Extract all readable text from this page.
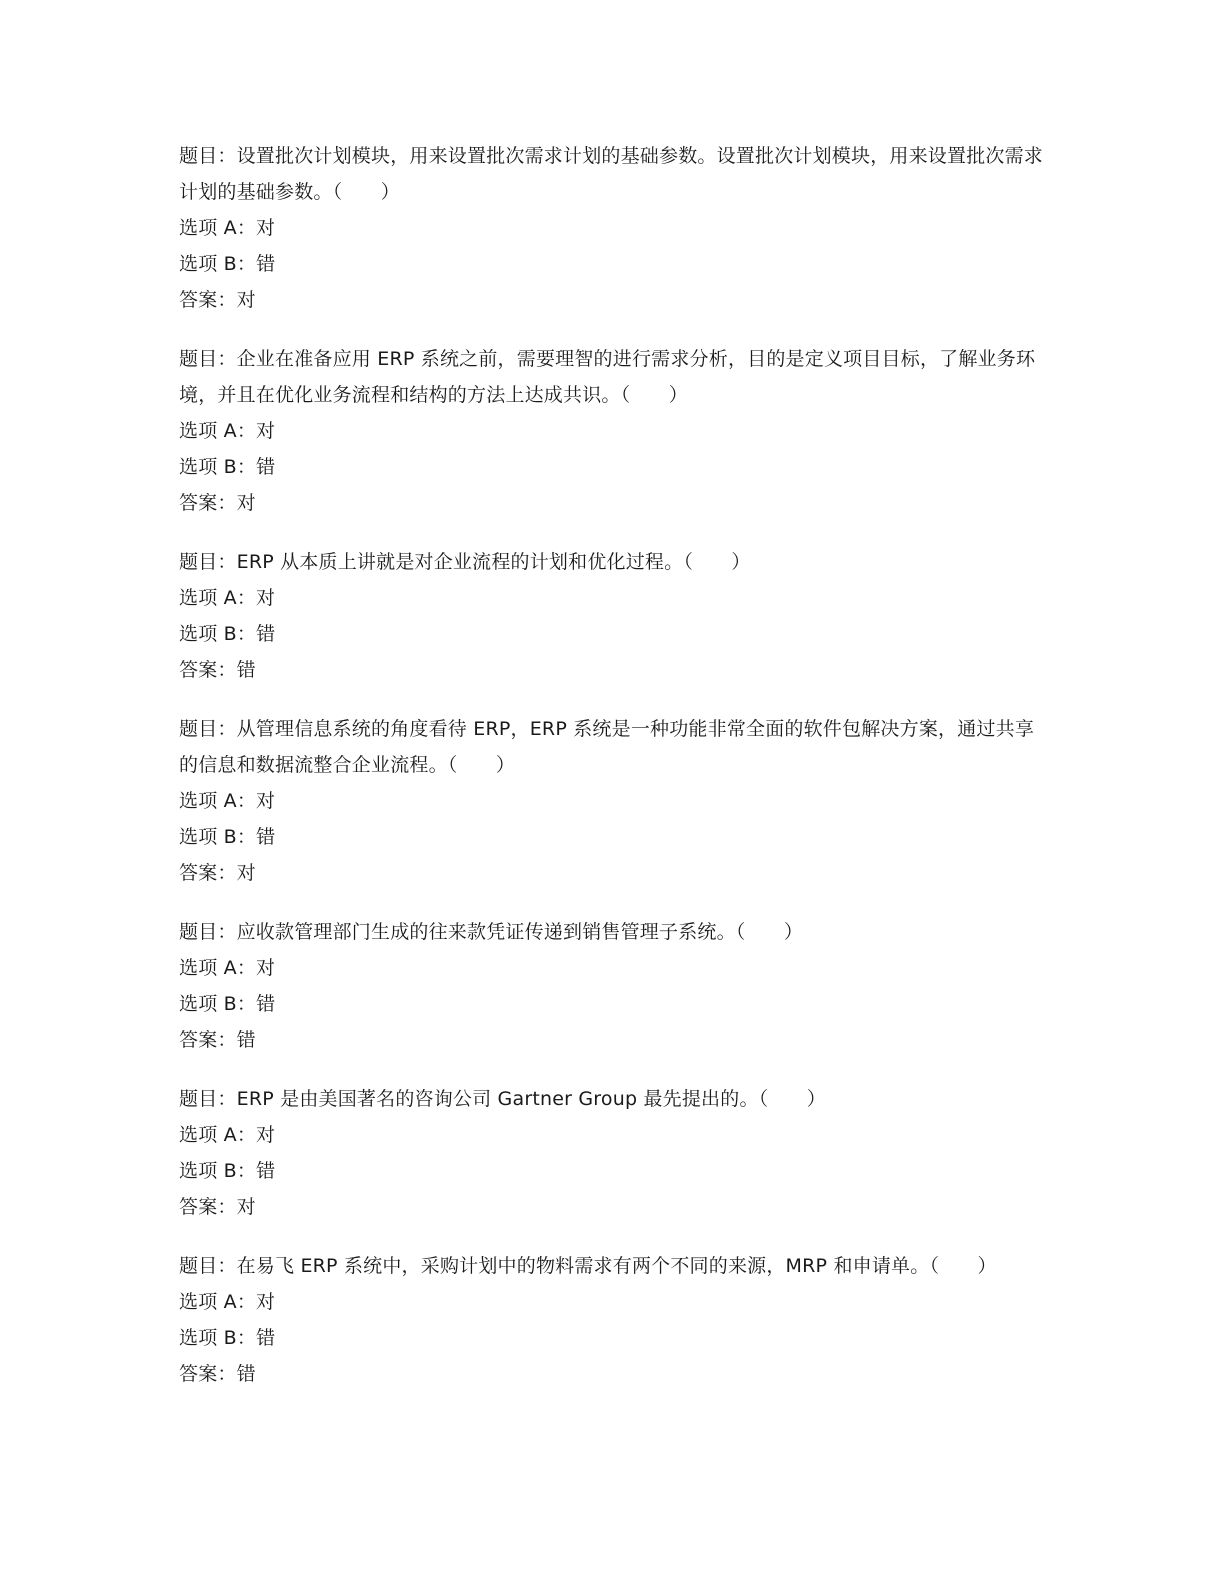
题目：设置批次计划模块，用来设置批次需求计划的基础参数。设置批次计划模块，用来设置批次需求计划的基础参数。（　　）
选项 A：对
选项 B：错
答案：对
题目：企业在准备应用 ERP 系统之前，需要理智的进行需求分析，目的是定义项目目标，了解业务环境，并且在优化业务流程和结构的方法上达成共识。（　　）
选项 A：对
选项 B：错
答案：对
题目：ERP 从本质上讲就是对企业流程的计划和优化过程。（　　）
选项 A：对
选项 B：错
答案：错
题目：从管理信息系统的角度看待 ERP，ERP 系统是一种功能非常全面的软件包解决方案，通过共享的信息和数据流整合企业流程。（　　）
选项 A：对
选项 B：错
答案：对
题目：应收款管理部门生成的往来款凭证传递到销售管理子系统。（　　）
选项 A：对
选项 B：错
答案：错
题目：ERP 是由美国著名的咨询公司 Gartner Group 最先提出的。（　　）
选项 A：对
选项 B：错
答案：对
题目：在易飞 ERP 系统中，采购计划中的物料需求有两个不同的来源，MRP 和申请单。（　　）
选项 A：对
选项 B：错
答案：错
